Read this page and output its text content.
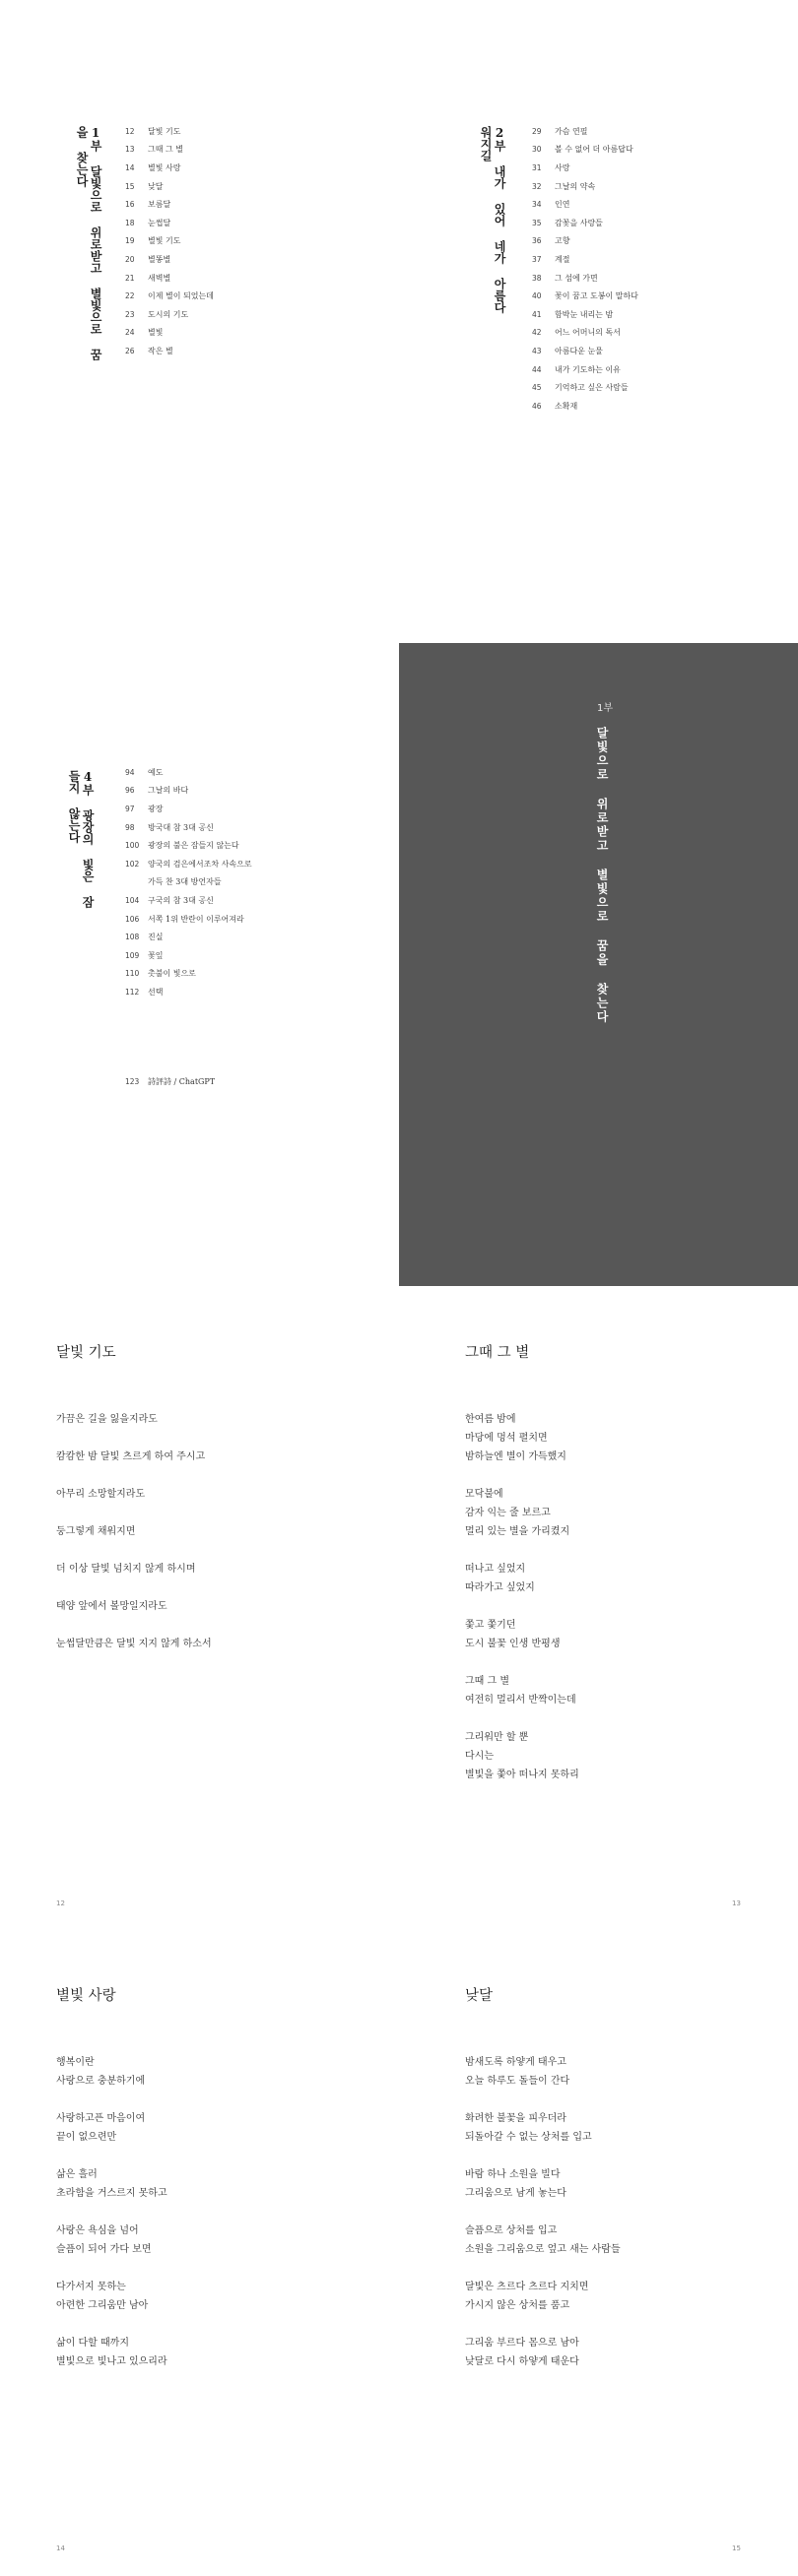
1부 달빛으로 위로받고 별빛으로 꿈을 찾는다	12	달빛 기도
13	그때 그 별
14	별빛 사랑
15	낮달
16	보름달
18	눈썹달
19	별빛 기도
20	별똥별
21	새벽별
22	이제 별이 되었는데
23	도시의 기도
24	별빛
26	작은 별
2부 내가 있어 네가 아름다워지길	29	가슴 연필
30	볼 수 없어 더 아름답다
31	사랑
32	그날의 약속
34	인연
35	감꽃을 사랑들
36	고향
37	계절
38	그 섬에 가면
40	꽃이 꿈고 도봉이 말하다
41	함박눈 내리는 밤
42	어느 어머니의 독서
43	아름다운 눈물
44	내가 기도하는 이유
45	기억하고 싶은 사람들
46	소확재
4부 광장의 빛은 잠들지 않는다	94	예도
96	그날의 바다
97	광장
98	방국대 참 3대 공신
100	광장의 불은 잠들지 않는다
102	양국의 검은에서조차 사속으로
가득 찬 3대 방언자들
104	구국의 참 3대 공신
106	서쪽 1위 반란이 이루어져라
108	진실
109	꽃잎
110	촛불이 빛으로
112	선택
123	詩評詩 / ChatGPT
1부
달빛으로 위로받고 별빛으로 꿈을 찾는다
달빛 기도
가끔은 길을 잃을지라도
캄캄한 밤 달빛 츠르게 하여 주시고
아무리 소망할지라도
둥그렇게 채워지면
더 이상 달빛 넘치지 않게 하시며
태양 앞에서 볼망일지라도
눈썹달만큼은 달빛 지지 않게 하소서
12
그때 그 별
한여름 밤에
마당에 멍석 펼치면
밤하늘엔 별이 가득했지
모닥불에
감자 익는 줄 보르고
멀리 있는 별을 가리켰지
떠나고 싶었지
따라가고 싶었지
쫓고 쫓기던
도시 불꽃 인생 반평생
그때 그 별
여전히 멀리서 반짝이는데
그리워만 할 뿐
다시는
별빛을 쫓아 떠나지 못하리
13
별빛 사랑
행복이란
사랑으로 충분하기에
사랑하고픈 마음이여
끝이 없으련만
삶은 흘러
초라함을 거스르지 못하고
사랑은 욕심을 넘어
슬픔이 되어 가다 보면
다가서지 못하는
아련한 그리움만 남아
삶이 다할 때까지
별빛으로 빛나고 있으리라
14
낮달
밤새도록 하얗게 태우고
오늘 하루도 돌들이 간다
화려한 불꽃을 피우더라
되돌아갈 수 없는 상처를 입고
바람 하나 소원을 빌다
그리움으로 남게 놓는다
슬픔으로 상처를 입고
소원을 그리움으로 엎고 새는 사람들
달빛은 츠르다 츠르다 지치면
가시지 않은 상처를 품고
그리움 부르다 몸으로 남아
낮달로 다시 하얗게 태운다
15
